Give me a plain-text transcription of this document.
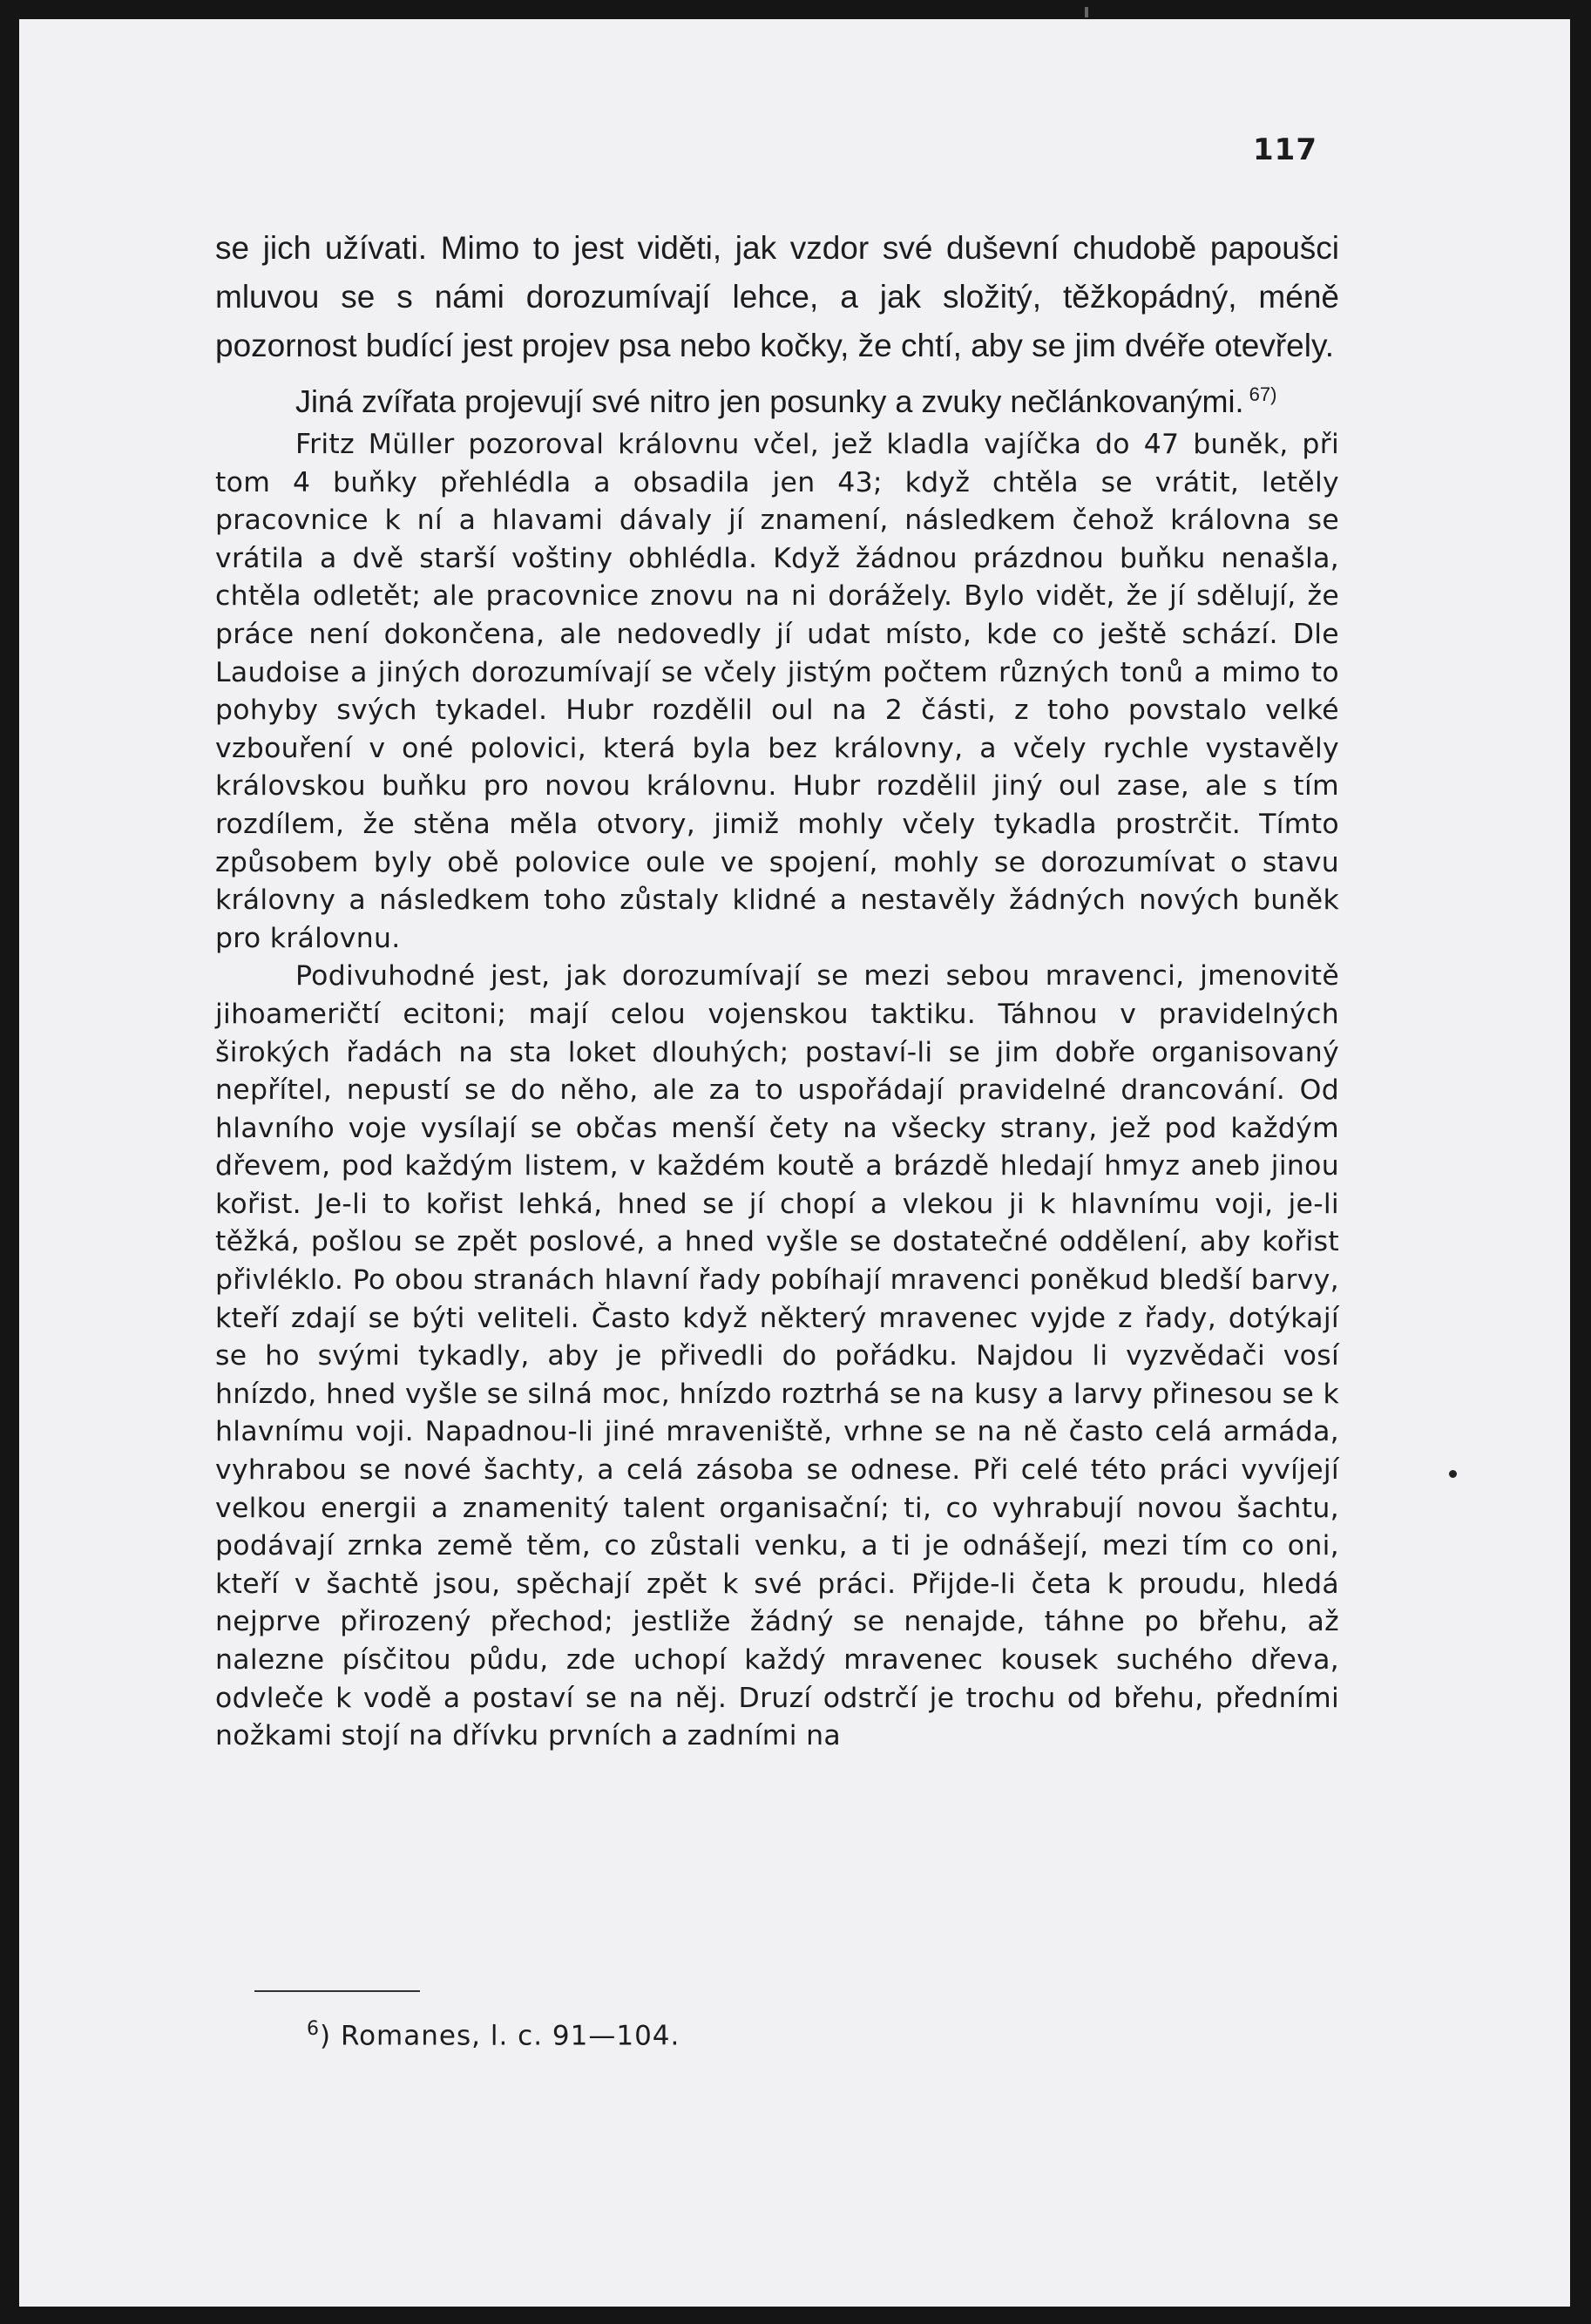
117

se jich užívati. Mimo to jest viděti, jak vzdor své duševní chudobě papoušci mluvou se s námi dorozumívají lehce, a jak složitý, těžkopádný, méně pozornost budící jest projev psa nebo kočky, že chtí, aby se jim dvéře otevřely.

Jiná zvířata projevují své nitro jen posunky a zvuky nečlánkovanými. $^{67)}$

Fritz Müller pozoroval královnu včel, jež kladla vajíčka do 47 buněk, při tom 4 buňky přehlédla a obsadila jen 43; když chtěla se vrátit, letěly pracovnice k ní a hlavami dávaly jí znamení, následkem čehož královna se vrátila a dvě starší voštiny obhlédla. Když žádnou prázdnou buňku nenašla, chtěla odletět; ale pracovnice znovu na ni dorážely. Bylo vidět, že jí sdělují, že práce není dokončena, ale nedovedly jí udat místo, kde co ještě schází. Dle Laudoise a jiných dorozumívají se včely jistým počtem různých tonů a mimo to pohyby svých tykadel. Hubr rozdělil oul na 2 části, z toho povstalo velké vzbouření v oné polovici, která byla bez královny, a včely rychle vystavěly královskou buňku pro novou královnu. Hubr rozdělil jiný oul zase, ale s tím rozdílem, že stěna měla otvory, jimiž mohly včely tykadla prostrčit. Tímto způsobem byly obě polovice oule ve spojení, mohly se dorozumívat o stavu královny a následkem toho zůstaly klidné a nestavěly žádných nových buněk pro královnu.

Podivuhodné jest, jak dorozumívají se mezi sebou mravenci, jmenovitě jihoameričtí ecitoni; mají celou vojenskou taktiku. Táhnou v pravidelných širokých řadách na sta loket dlouhých; postaví-li se jim dobře organisovaný nepřítel, nepustí se do něho, ale za to uspořádají pravidelné drancování. Od hlavního voje vysílají se občas menší čety na všecky strany, jež pod každým dřevem, pod každým listem, v každém koutě a brázdě hledají hmyz aneb jinou kořist. Je-li to kořist lehká, hned se jí chopí a vlekou ji k hlavnímu voji, je-li těžká, pošlou se zpět poslové, a hned vyšle se dostatečné oddělení, aby kořist přivléklo. Po obou stranách hlavní řady pobíhají mravenci poněkud bledší barvy, kteří zdají se býti veliteli. Často když některý mravenec vyjde z řady, dotýkají se ho svými tykadly, aby je přivedli do pořádku. Najdou li vyzvědači vosí hnízdo, hned vyšle se silná moc, hnízdo roztrhá se na kusy a larvy přinesou se k hlavnímu voji. Napadnou-li jiné mraveniště, vrhne se na ně často celá armáda, vyhrabou se nové šachty, a celá zásoba se odnese. Při celé této práci vyvíjejí velkou energii a znamenitý talent organisační; ti, co vyhrabují novou šachtu, podávají zrnka země těm, co zůstali venku, a ti je odnášejí, mezi tím co oni, kteří v šachtě jsou, spěchají zpět k své práci. Přijde-li četa k proudu, hledá nejprve přirozený přechod; jestliže žádný se nenajde, táhne po břehu, až nalezne písčitou půdu, zde uchopí každý mravenec kousek suchého dřeva, odvleče k vodě a postaví se na něj. Druzí odstrčí je trochu od břehu, předními nožkami stojí na dřívku prvních a zadními na

$^6$) Romanes, l. c. 91—104.
